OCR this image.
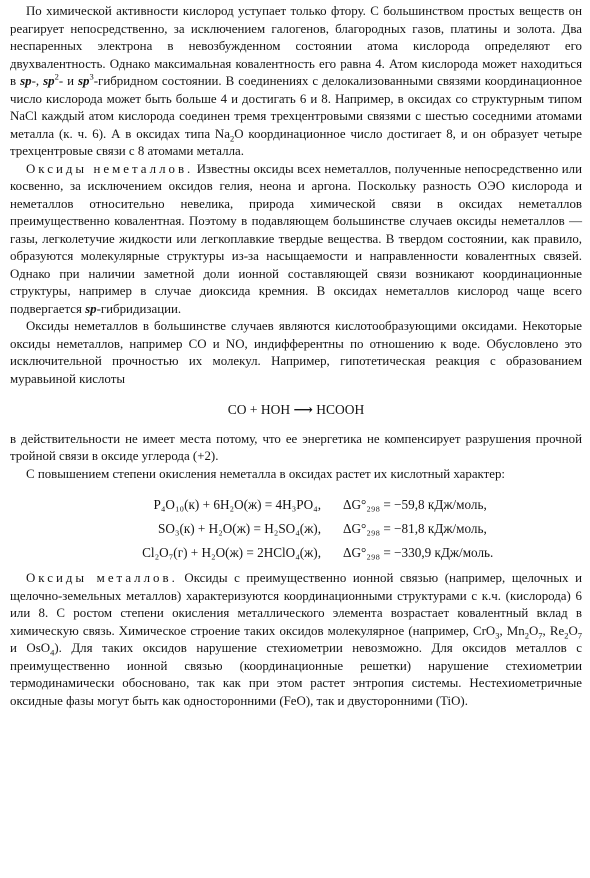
По химической активности кислород уступает только фтору. С большинством простых веществ он реагирует непосредственно, за исключением галогенов, благородных газов, платины и золота. Два неспаренных электрона в невозбужденном состоянии атома кислорода определяют его двухвалентность. Однако максимальная ковалентность его равна 4. Атом кислорода может находиться в sp-, $sp^2-$ и $sp^3$-гибридном состоянии. В соединениях с делокализованными связями координационное число кислорода может быть больше 4 и достигать 6 и 8. Например, в оксидах со структурным типом NaCl каждый атом кислорода соединен тремя трехцентровыми связями с шестью соседними атомами металла (к. ч. 6). А в оксидах типа $Na_2O$ координационное число достигает 8, и он образует четыре трехцентровые связи с 8 атомами металла.

Оксиды неметаллов. Известны оксиды всех неметаллов, полученные непосредственно или косвенно, за исключением оксидов гелия, неона и аргона. Поскольку разность ОЭО кислорода и неметаллов относительно невелика, природа химической связи в оксидах неметаллов преимущественно ковалентная. Поэтому в подавляющем большинстве случаев оксиды неметаллов — газы, легколетучие жидкости или легкоплавкие твердые вещества. В твердом состоянии, как правило, образуются молекулярные структуры из-за насыщаемости и направленности ковалентных связей. Однако при наличии заметной доли ионной составляющей связи возникают координационные структуры, например в случае диоксида кремния. В оксидах неметаллов кислород чаще всего подвергается sp-гибридизации.

Оксиды неметаллов в большинстве случаев являются кислотообразующими оксидами. Некоторые оксиды неметаллов, например CO и NO, индифферентны по отношению к воде. Обусловлено это исключительной прочностью их молекул. Например, гипотетическая реакция с образованием муравьиной кислоты

CO + HOH ⟶ HCOOH

в действительности не имеет места потому, что ее энергетика не компенсирует разрушения прочной тройной связи в оксиде углерода (+2).

С повышением степени окисления неметалла в оксидах растет их кислотный характер:

P₄O₁₀(к) + 6H₂O(ж) = 4H₃PO₄,	ΔG°₂₉₈ = −59,8 кДж/моль,
SO₃(к) + H₂O(ж) = H₂SO₄(ж),	ΔG°₂₉₈ = −81,8 кДж/моль,
Cl₂O₇(г) + H₂O(ж) = 2HClO₄(ж),	ΔG°₂₉₈ = −330,9 кДж/моль.

Оксиды металлов. Оксиды с преимущественно ионной связью (например, щелочных и щелочно-земельных металлов) характеризуются координационными структурами с к.ч. (кислорода) 6 или 8. С ростом степени окисления металлического элемента возрастает ковалентный вклад в химическую связь. Химическое строение таких оксидов молекулярное (например, CrO$_3$, $Mn_2O_7$, $Re_2O_7$ и OsO$_4$). Для таких оксидов нарушение стехиометрии невозможно. Для оксидов металлов с преимущественно ионной связью (координационные решетки) нарушение стехиометрии термодинамически обосновано, так как при этом растет энтропия системы. Нестехиометричные оксидные фазы могут быть как односторонними (FeO), так и двусторонними (TiO).
